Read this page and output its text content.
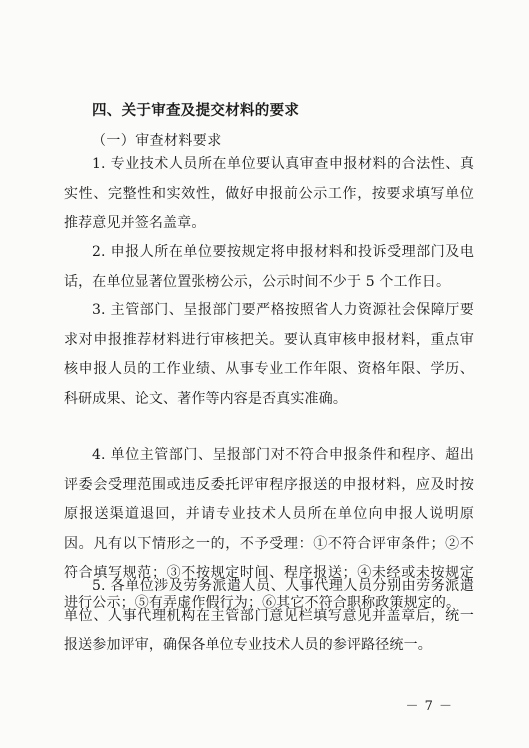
四、关于审查及提交材料的要求
（一）审查材料要求

1. 专业技术人员所在单位要认真审查申报材料的合法性、真实性、完整性和实效性，做好申报前公示工作，按要求填写单位推荐意见并签名盖章。

2. 申报人所在单位要按规定将申报材料和投诉受理部门及电话，在单位显著位置张榜公示，公示时间不少于 5 个工作日。

3. 主管部门、呈报部门要严格按照省人力资源社会保障厅要求对申报推荐材料进行审核把关。要认真审核申报材料，重点审核申报人员的工作业绩、从事专业工作年限、资格年限、学历、科研成果、论文、著作等内容是否真实准确。

4. 单位主管部门、呈报部门对不符合申报条件和程序、超出评委会受理范围或违反委托评审程序报送的申报材料，应及时按原报送渠道退回，并请专业技术人员所在单位向申报人说明原因。凡有以下情形之一的，不予受理：①不符合评审条件；②不符合填写规范；③不按规定时间、程序报送；④未经或未按规定进行公示；⑤有弄虚作假行为；⑥其它不符合职称政策规定的。

5. 各单位涉及劳务派遣人员、人事代理人员分别由劳务派遣单位、人事代理机构在主管部门意见栏填写意见并盖章后，统一报送参加评审，确保各单位专业技术人员的参评路径统一。

－ 7 －
